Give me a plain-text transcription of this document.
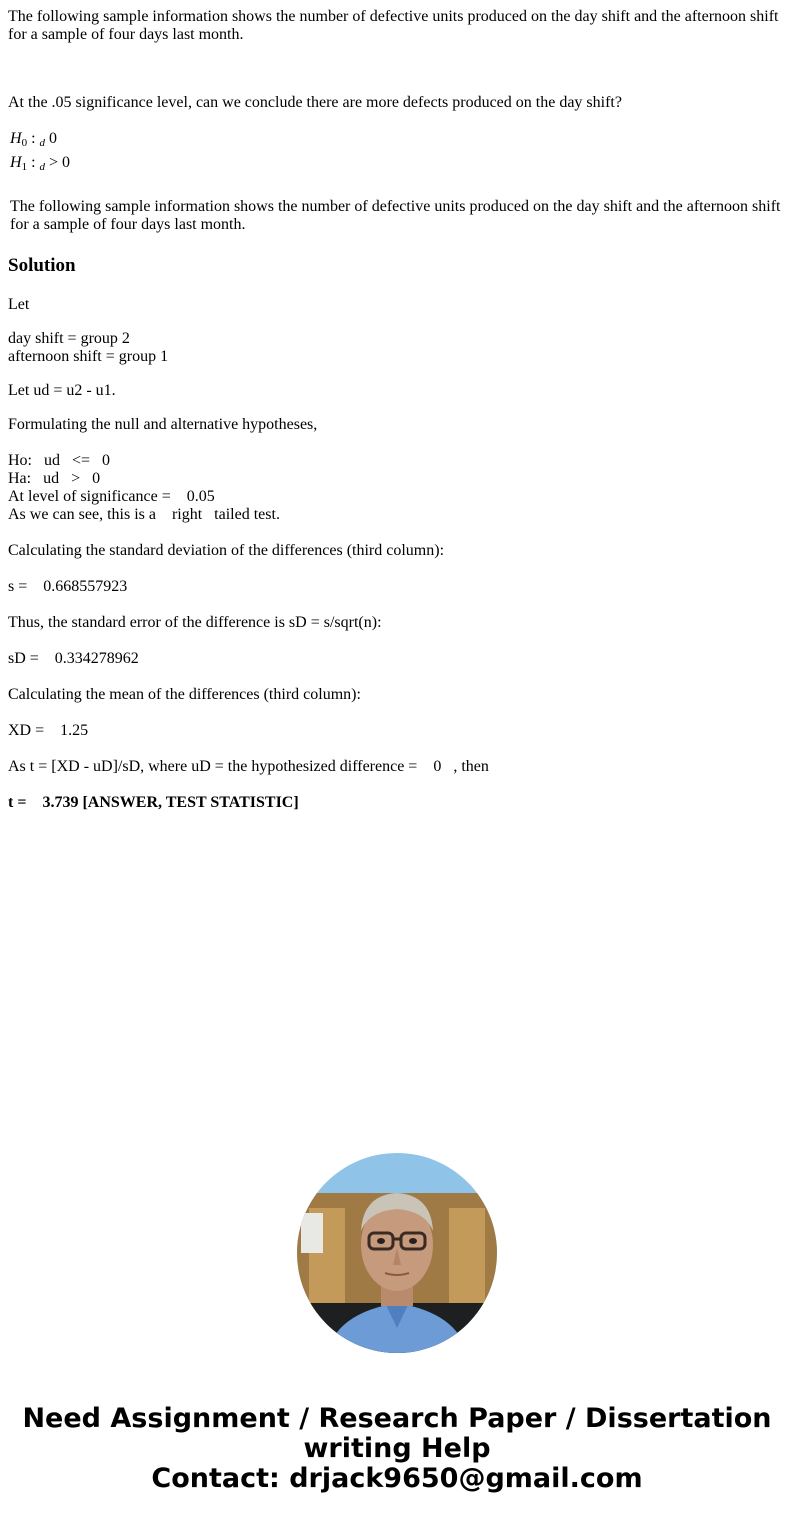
The following sample information shows the number of defective units produced on the day shift and the afternoon shift for a sample of four days last month.

At the .05 significance level, can we conclude there are more defects produced on the day shift?

$H_0$ : $_d$ 0
$H_1$ : $_d$ > 0

The following sample information shows the number of defective units produced on the day shift and the afternoon shift for a sample of four days last month.

Solution

Let

day shift = group 2

afternoon shift = group 1

Let ud = u2 - u1.

Formulating the null and alternative hypotheses,

Ho:   ud   <=   0

Ha:   ud   >   0

At level of significance =    0.05

As we can see, this is a    right   tailed test.

Calculating the standard deviation of the differences (third column):

s =    0.668557923

Thus, the standard error of the difference is sD = s/sqrt(n):

sD =    0.334278962

Calculating the mean of the differences (third column):

XD =    1.25

As t = [XD - uD]/sD, where uD = the hypothesized difference =    0   , then

t =    3.739 [ANSWER, TEST STATISTIC]

Need Assignment / Research Paper / Dissertation
writing Help
Contact: drjack9650@gmail.com
